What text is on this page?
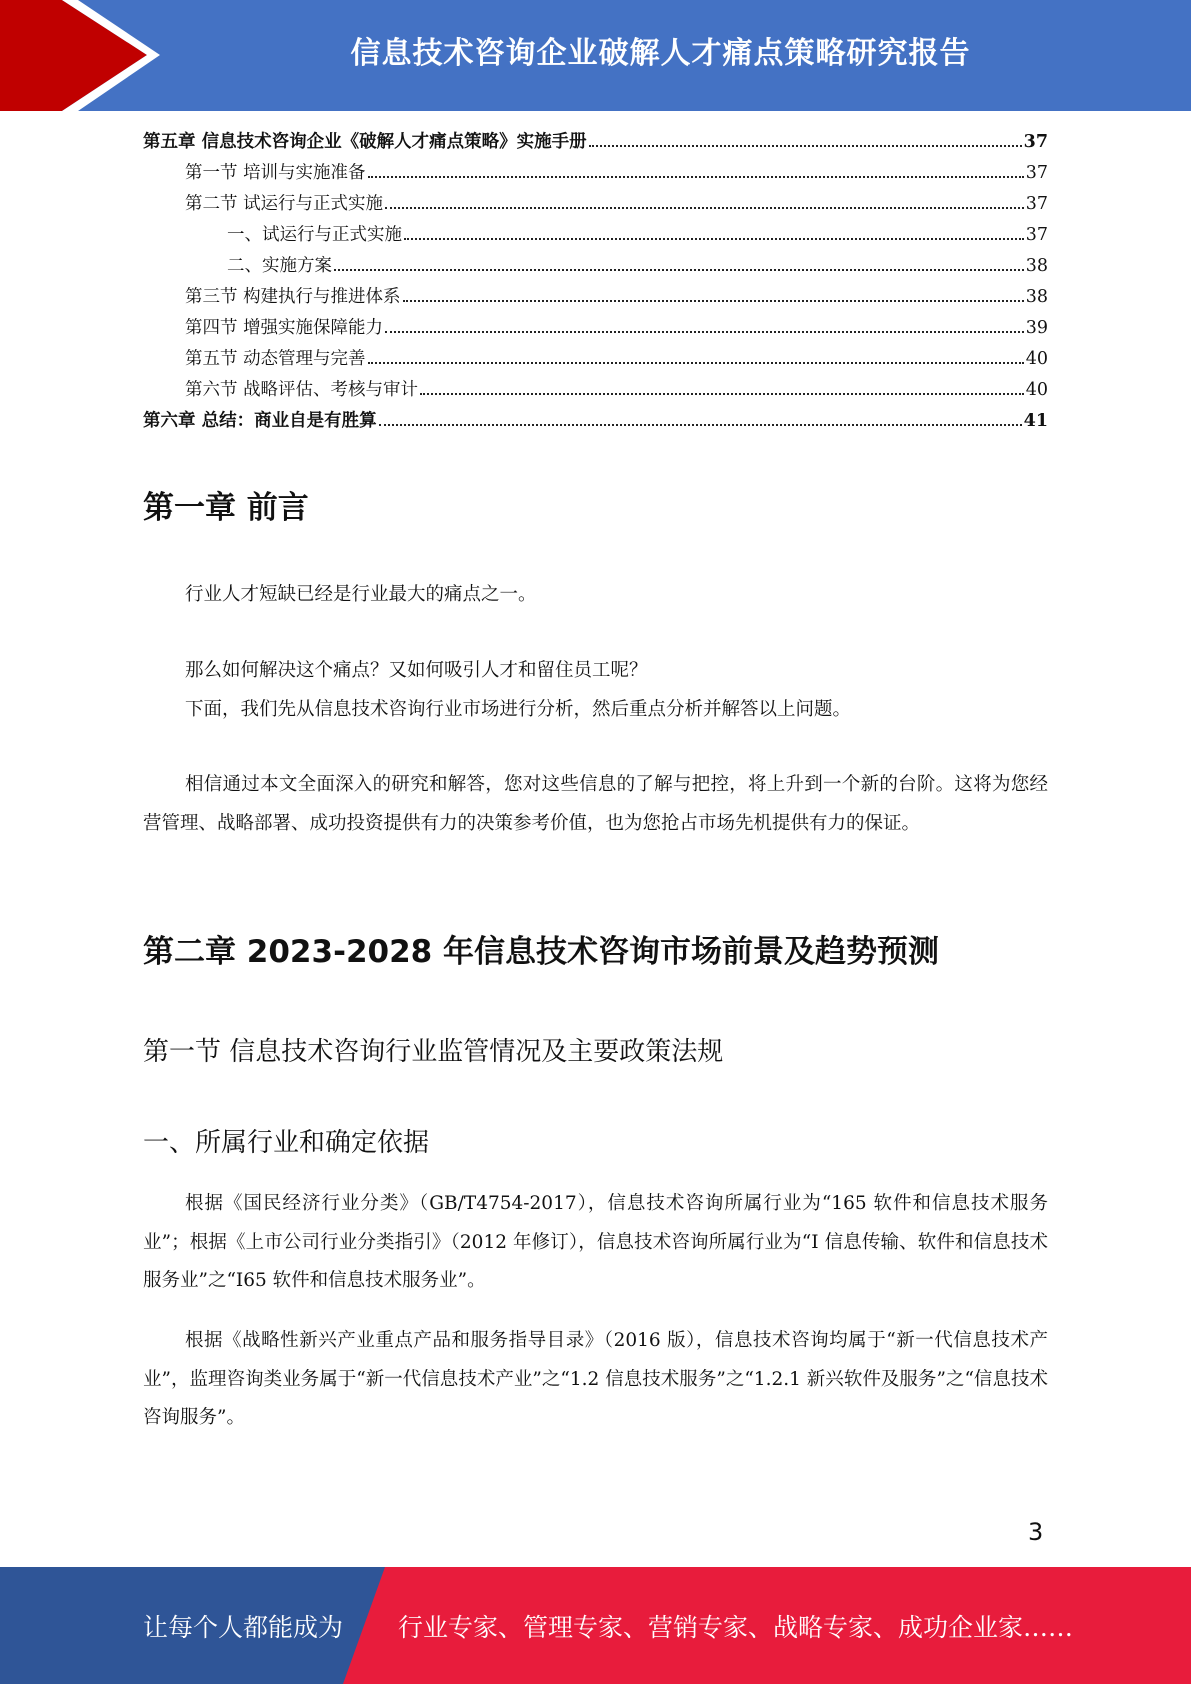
信息技术咨询企业破解人才痛点策略研究报告
第五章 信息技术咨询企业《破解人才痛点策略》实施手册	37
第一节 培训与实施准备	37
第二节 试运行与正式实施	37
一、试运行与正式实施	37
二、实施方案	38
第三节 构建执行与推进体系	38
第四节 增强实施保障能力	39
第五节 动态管理与完善	40
第六节 战略评估、考核与审计	40
第六章 总结：商业自是有胜算	41
第一章 前言

行业人才短缺已经是行业最大的痛点之一。

那么如何解决这个痛点？又如何吸引人才和留住员工呢？

下面，我们先从信息技术咨询行业市场进行分析，然后重点分析并解答以上问题。

相信通过本文全面深入的研究和解答，您对这些信息的了解与把控，将上升到一个新的台阶。这将为您经营管理、战略部署、成功投资提供有力的决策参考价值，也为您抢占市场先机提供有力的保证。

第二章 2023-2028 年信息技术咨询市场前景及趋势预测
第一节 信息技术咨询行业监管情况及主要政策法规
一、所属行业和确定依据

根据《国民经济行业分类》（GB/T4754-2017），信息技术咨询所属行业为“165 软件和信息技术服务业”；根据《上市公司行业分类指引》（2012 年修订），信息技术咨询所属行业为“I 信息传输、软件和信息技术服务业”之“I65 软件和信息技术服务业”。

根据《战略性新兴产业重点产品和服务指导目录》（2016 版），信息技术咨询均属于“新一代信息技术产业”，监理咨询类业务属于“新一代信息技术产业”之“1.2 信息技术服务”之“1.2.1 新兴软件及服务”之“信息技术咨询服务”。

3
让每个人都能成为 行业专家、管理专家、营销专家、战略专家、成功企业家……
